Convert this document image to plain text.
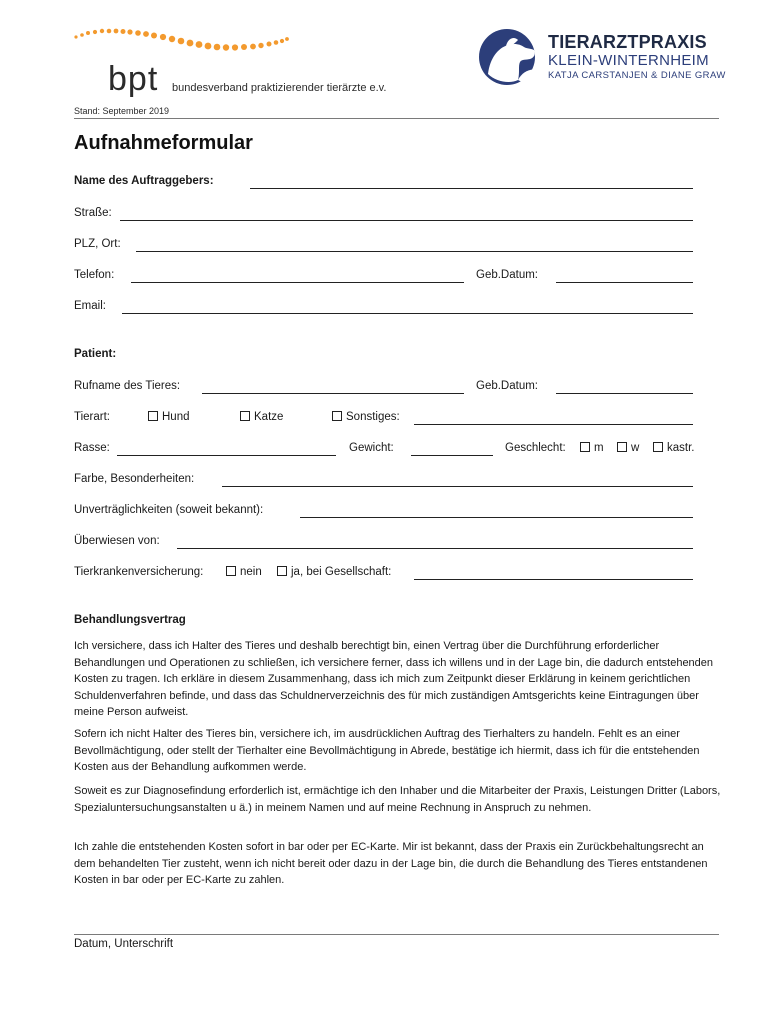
bpt bundesverband praktizierender tierärzte e.v.
Stand: September 2019
TIERARZTPRAXIS
KLEIN-WINTERNHEIM
KATJA CARSTANJEN & DIANE GRAW
Aufnahmeformular
Name des Auftraggebers:
Straße:
PLZ, Ort:
Telefon:	Geb.Datum:
Email:
Patient:
Rufname des Tieres:	Geb.Datum:
Tierart:	Hund	Katze	Sonstiges:
Rasse:	Gewicht:	Geschlecht:	m	w	kastr.
Farbe, Besonderheiten:
Unverträglichkeiten (soweit bekannt):
Überwiesen von:
Tierkrankenversicherung:	nein	ja, bei Gesellschaft:
Behandlungsvertrag

Ich versichere, dass ich Halter des Tieres und deshalb berechtigt bin, einen Vertrag über die Durchführung erforderlicher Behandlungen und Operationen zu schließen, ich versichere ferner, dass ich willens und in der Lage bin, die dadurch entstehenden Kosten zu tragen. Ich erkläre in diesem Zusammenhang, dass ich mich zum Zeitpunkt dieser Erklärung in keinem gerichtlichen Schuldenverfahren befinde, und dass das Schuldnerverzeichnis des für mich zuständigen Amtsgerichts keine Eintragungen über meine Person aufweist.

Sofern ich nicht Halter des Tieres bin, versichere ich, im ausdrücklichen Auftrag des Tierhalters zu handeln. Fehlt es an einer Bevollmächtigung, oder stellt der Tierhalter eine Bevollmächtigung in Abrede, bestätige ich hiermit, dass ich für die entstehenden Kosten aus der Behandlung aufkommen werde.

Soweit es zur Diagnosefindung erforderlich ist, ermächtige ich den Inhaber und die Mitarbeiter der Praxis, Leistungen Dritter (Labors, Spezialuntersuchungsanstalten u ä.) in meinem Namen und auf meine Rechnung in Anspruch zu nehmen.

Ich zahle die entstehenden Kosten sofort in bar oder per EC-Karte. Mir ist bekannt, dass der Praxis ein Zurückbehaltungsrecht an dem behandelten Tier zusteht, wenn ich nicht bereit oder dazu in der Lage bin, die durch die Behandlung des Tieres entstandenen Kosten in bar oder per EC-Karte zu zahlen.

Datum, Unterschrift
